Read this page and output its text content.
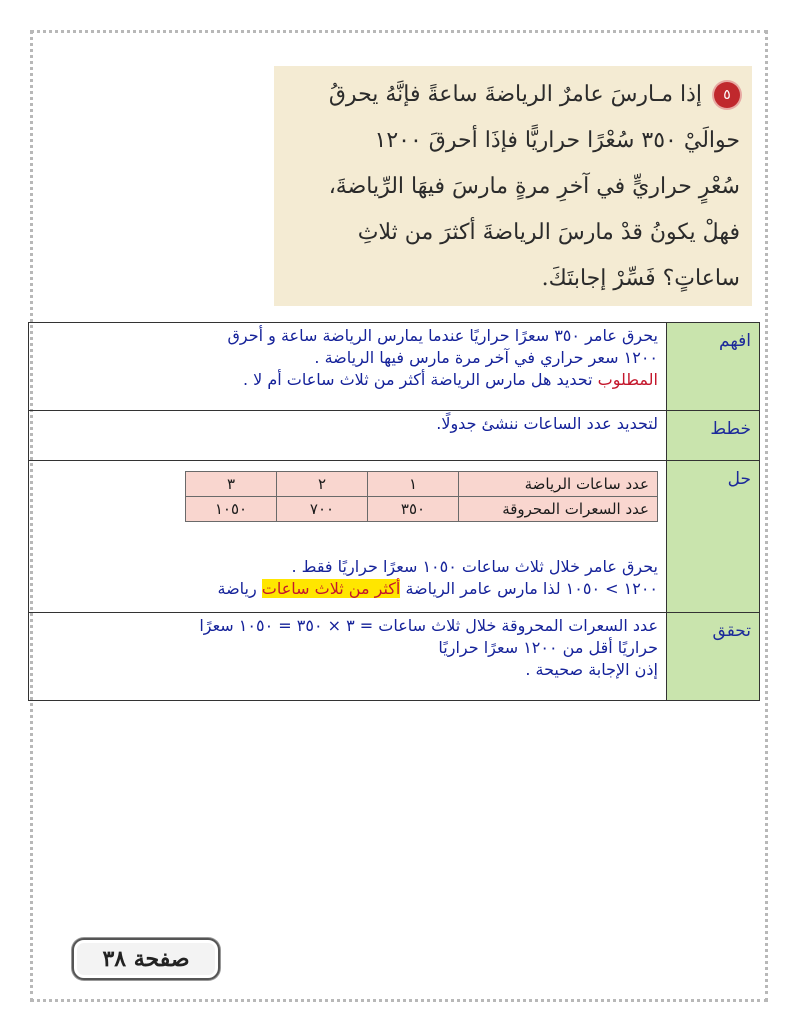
٥إذا مـارسَ عامرٌ الرياضةَ ساعةً فإنَّهُ يحرقُ
حوالَيْ ٣٥٠ سُعْرًا حراريًّا فإذَا أحرقَ ١٢٠٠
سُعْرٍ حراريٍّ في آخرِ مرةٍ مارسَ فيهَا الرِّياضةَ،
فهلْ يكونُ قدْ مارسَ الرياضةَ أكثرَ من ثلاثِ
ساعاتٍ؟ فَسِّرْ إجابتَكَ.
افهم	
يحرق عامر ٣٥٠ سعرًا حراريًا عندما يمارس الرياضة ساعة و أحرق
١٢٠٠ سعر حراري في آخر مرة مارس فيها الرياضة .
المطلوب تحديد هل مارس الرياضة أكثر من ثلاث ساعات أم لا .

خطط	
لتحديد عدد الساعات ننشئ جدولًا.

حل	
عدد ساعات الرياضة	١	٢	٣
عدد السعرات المحروقة	٣٥٠	٧٠٠	١٠٥٠
يحرق عامر خلال ثلاث ساعات ١٠٥٠ سعرًا حراريًا فقط .
١٢٠٠ > ١٠٥٠ لذا مارس عامر الرياضة أكثر من ثلاث ساعات رياضة

تحقق	
عدد السعرات المحروقة خلال ثلاث ساعات = ٣ × ٣٥٠ = ١٠٥٠ سعرًا
حراريًا أقل من ١٢٠٠ سعرًا حراريًا
إذن الإجابة صحيحة .
صفحة ٣٨
